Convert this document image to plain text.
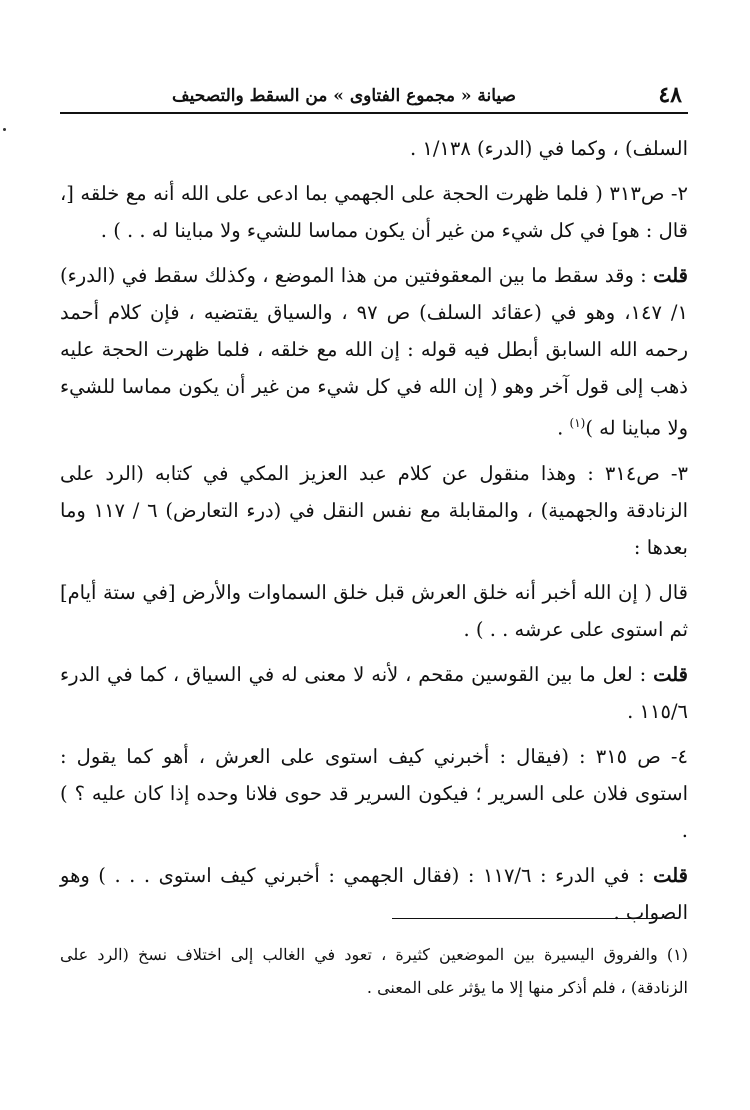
٤٨
صيانة « مجموع الفتاوى » من السقط والتصحيف

السلف) ، وكما في (الدرء) ١/١٣٨ .

٢- ص٣١٣ ( فلما ظهرت الحجة على الجهمي بما ادعى على الله أنه مع خلقه [، قال : هو] في كل شيء من غير أن يكون مماسا للشيء ولا مباينا له . . ) .

قلت : وقد سقط ما بين المعقوفتين من هذا الموضع ، وكذلك سقط في (الدرء) ١/ ١٤٧، وهو في (عقائد السلف) ص ٩٧ ، والسياق يقتضيه ، فإن كلام أحمد رحمه الله السابق أبطل فيه قوله : إن الله مع خلقه ، فلما ظهرت الحجة عليه ذهب إلى قول آخر وهو ( إن الله في كل شيء من غير أن يكون مماسا للشيء ولا مباينا له )$^{(١)}$ .

٣- ص٣١٤ : وهذا منقول عن كلام عبد العزيز المكي في كتابه (الرد على الزنادقة والجهمية) ، والمقابلة مع نفس النقل في (درء التعارض) ٦ / ١١٧ وما بعدها :

قال ( إن الله أخبر أنه خلق العرش قبل خلق السماوات والأرض [في ستة أيام] ثم استوى على عرشه . . ) .

قلت : لعل ما بين القوسين مقحم ، لأنه لا معنى له في السياق ، كما في الدرء ١١٥/٦ .

٤- ص ٣١٥ : (فيقال : أخبرني كيف استوى على العرش ، أهو كما يقول : استوى فلان على السرير ؛ فيكون السرير قد حوى فلانا وحده إذا كان عليه ؟ ) .

قلت : في الدرء : ١١٧/٦ : (فقال الجهمي : أخبرني كيف استوى . . . ) وهو الصواب .

(١) والفروق اليسيرة بين الموضعين كثيرة ، تعود في الغالب إلى اختلاف نسخ (الرد على الزنادقة) ، فلم أذكر منها إلا ما يؤثر على المعنى .
